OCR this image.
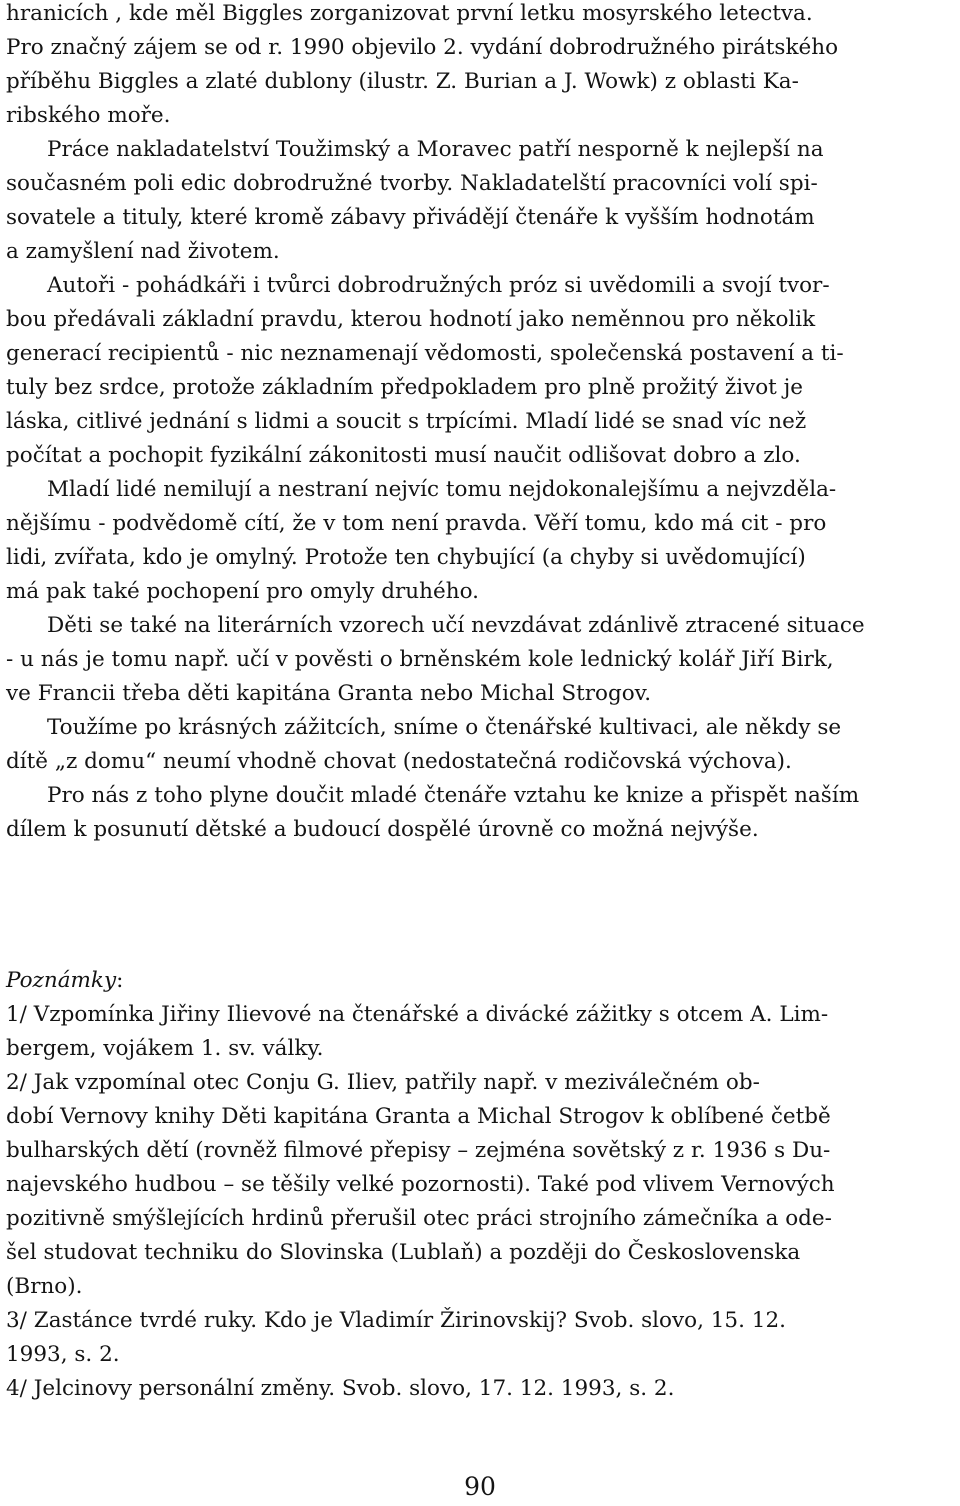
hranicích , kde měl Biggles zorganizovat první letku mosyrského letectva.
Pro značný zájem se od r. 1990 objevilo 2. vydání dobrodružného pirátského
příběhu Biggles a zlaté dublony (ilustr. Z. Burian a J. Wowk) z oblasti Ka-
ribského moře.
Práce nakladatelství Toužimský a Moravec patří nesporně k nejlepší na
současném poli edic dobrodružné tvorby. Nakladatelští pracovníci volí spi-
sovatele a tituly, které kromě zábavy přivádějí čtenáře k vyšším hodnotám
a zamyšlení nad životem.
Autoři - pohádkáři i tvůrci dobrodružných próz si uvědomili a svojí tvor-
bou předávali základní pravdu, kterou hodnotí jako neměnnou pro několik
generací recipientů - nic neznamenají vědomosti, společenská postavení a ti-
tuly bez srdce, protože základním předpokladem pro plně prožitý život je
láska, citlivé jednání s lidmi a soucit s trpícími. Mladí lidé se snad víc než
počítat a pochopit fyzikální zákonitosti musí naučit odlišovat dobro a zlo.
Mladí lidé nemilují a nestraní nejvíc tomu nejdokonalejšímu a nejvzděla-
nějšímu - podvědomě cítí, že v tom není pravda. Věří tomu, kdo má cit - pro
lidi, zvířata, kdo je omylný. Protože ten chybující (a chyby si uvědomující)
má pak také pochopení pro omyly druhého.
Děti se také na literárních vzorech učí nevzdávat zdánlivě ztracené situace
- u nás je tomu např. učí v pověsti o brněnském kole lednický kolář Jiří Birk,
ve Francii třeba děti kapitána Granta nebo Michal Strogov.
Toužíme po krásných zážitcích, sníme o čtenářské kultivaci, ale někdy se
dítě „z domu“ neumí vhodně chovat (nedostatečná rodičovská výchova).
Pro nás z toho plyne doučit mladé čtenáře vztahu ke knize a přispět naším
dílem k posunutí dětské a budoucí dospělé úrovně co možná nejvýše.
Poznámky:
1/ Vzpomínka Jiřiny Ilievové na čtenářské a divácké zážitky s otcem A. Lim-
bergem, vojákem 1. sv. války.
2/ Jak vzpomínal otec Conju G. Iliev, patřily např. v meziválečném ob-
dobí Vernovy knihy Děti kapitána Granta a Michal Strogov k oblíbené četbě
bulharských dětí (rovněž filmové přepisy – zejména sovětský z r. 1936 s Du-
najevského hudbou – se těšily velké pozornosti). Také pod vlivem Vernových
pozitivně smýšlejících hrdinů přerušil otec práci strojního zámečníka a ode-
šel studovat techniku do Slovinska (Lublaň) a později do Československa
(Brno).
3/ Zastánce tvrdé ruky. Kdo je Vladimír Žirinovskij? Svob. slovo, 15. 12.
1993, s. 2.
4/ Jelcinovy personální změny. Svob. slovo, 17. 12. 1993, s. 2.
90
